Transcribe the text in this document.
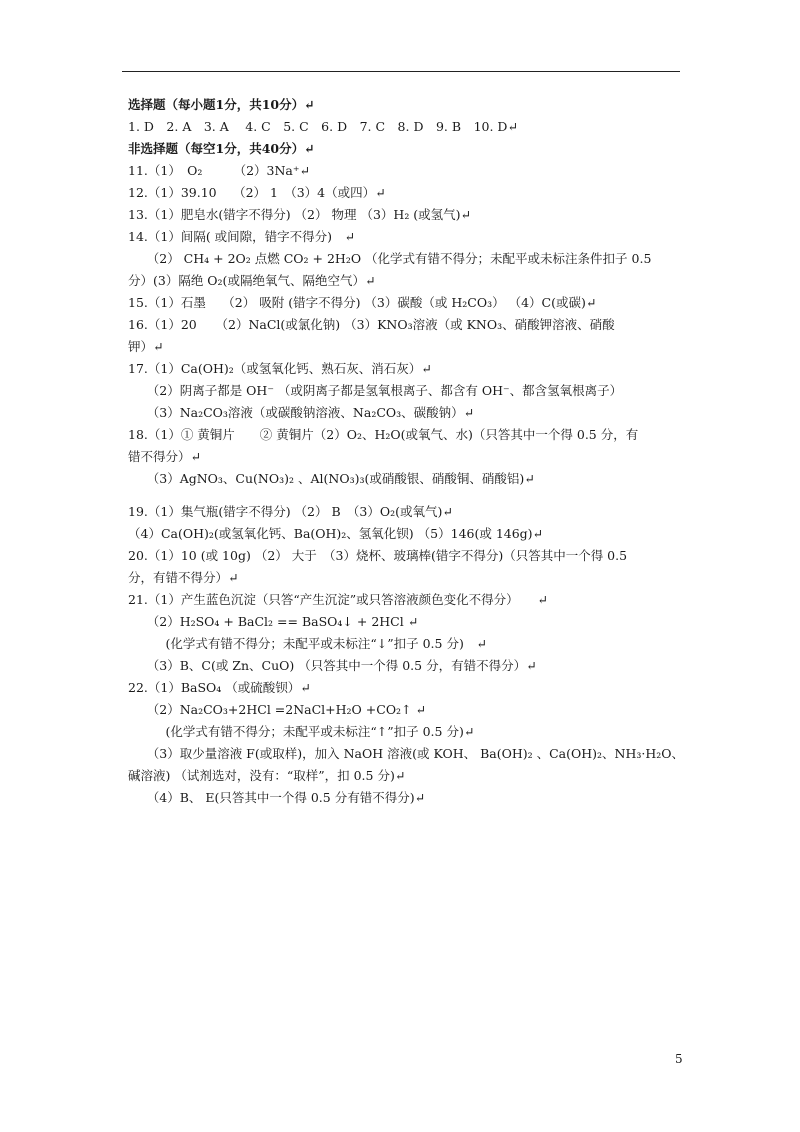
选择题（每小题1分，共10分）↵
1. D　2. A　3. A　 4. C　5. C　6. D　7. C　8. D　9. B　10. D↵
非选择题（每空1分，共40分）↵
11.（1）　O₂　　　（2）3Na⁺↵
12.（1）39.10　 （2） 1　（3）4（或四）↵
13.（1）肥皂水(错字不得分) （2） 物理 （3）H₂ (或氢气)↵
14.（1）间隔( 或间隙，错字不得分)　↵
　　（2） CH₄ + 2O₂ 点燃 CO₂ + 2H₂O （化学式有错不得分；未配平或未标注条件扣子 0.5
分）(3）隔绝 O₂(或隔绝氧气、隔绝空气）↵
15.（1）石墨　 （2） 吸附 (错字不得分) （3）碳酸（或 H₂CO₃） （4）C(或碳)↵
16.（1）20　　（2）NaCl(或氯化钠) （3）KNO₃溶液（或 KNO₃、硝酸钾溶液、硝酸
钾）↵
17.（1）Ca(OH)₂（或氢氧化钙、熟石灰、消石灰）↵
　　（2）阴离子都是 OH⁻ （或阴离子都是氢氧根离子、都含有 OH⁻、都含氢氧根离子）
　　（3）Na₂CO₃溶液（或碳酸钠溶液、Na₂CO₃、碳酸钠）↵
18.（1）① 黄铜片　　② 黄铜片（2）O₂、H₂O(或氧气、水)（只答其中一个得 0.5 分，有
错不得分）↵
　　（3）AgNO₃、Cu(NO₃)₂ 、Al(NO₃)₃(或硝酸银、硝酸铜、硝酸铝)↵
19.（1）集气瓶(错字不得分) （2） B　（3）O₂(或氧气)↵
（4）Ca(OH)₂(或氢氧化钙、Ba(OH)₂、氢氧化钡) （5）146(或 146g)↵
20.（1）10 (或 10g) （2） 大于　（3）烧杯、玻璃棒(错字不得分)（只答其中一个得 0.5
分，有错不得分）↵
21.（1）产生蓝色沉淀（只答“产生沉淀”或只答溶液颜色变化不得分）　　↵
　　（2）H₂SO₄ + BaCl₂ == BaSO₄↓ + 2HCl ↵
　　　(化学式有错不得分；未配平或未标注“↓”扣子 0.5 分)　↵
　　（3）B、C(或 Zn、CuO) （只答其中一个得 0.5 分，有错不得分）↵
22.（1）BaSO₄ （或硫酸钡）↵
　　（2）Na₂CO₃+2HCl =2NaCl+H₂O +CO₂↑ ↵
　　　(化学式有错不得分；未配平或未标注“↑”扣子 0.5 分)↵
　　（3）取少量溶液 F(或取样)，加入 NaOH 溶液(或 KOH、 Ba(OH)₂ 、Ca(OH)₂、NH₃·H₂O、
碱溶液) （试剂选对，没有：“取样”，扣 0.5 分)↵
　　（4）B、 E(只答其中一个得 0.5 分有错不得分)↵
5
